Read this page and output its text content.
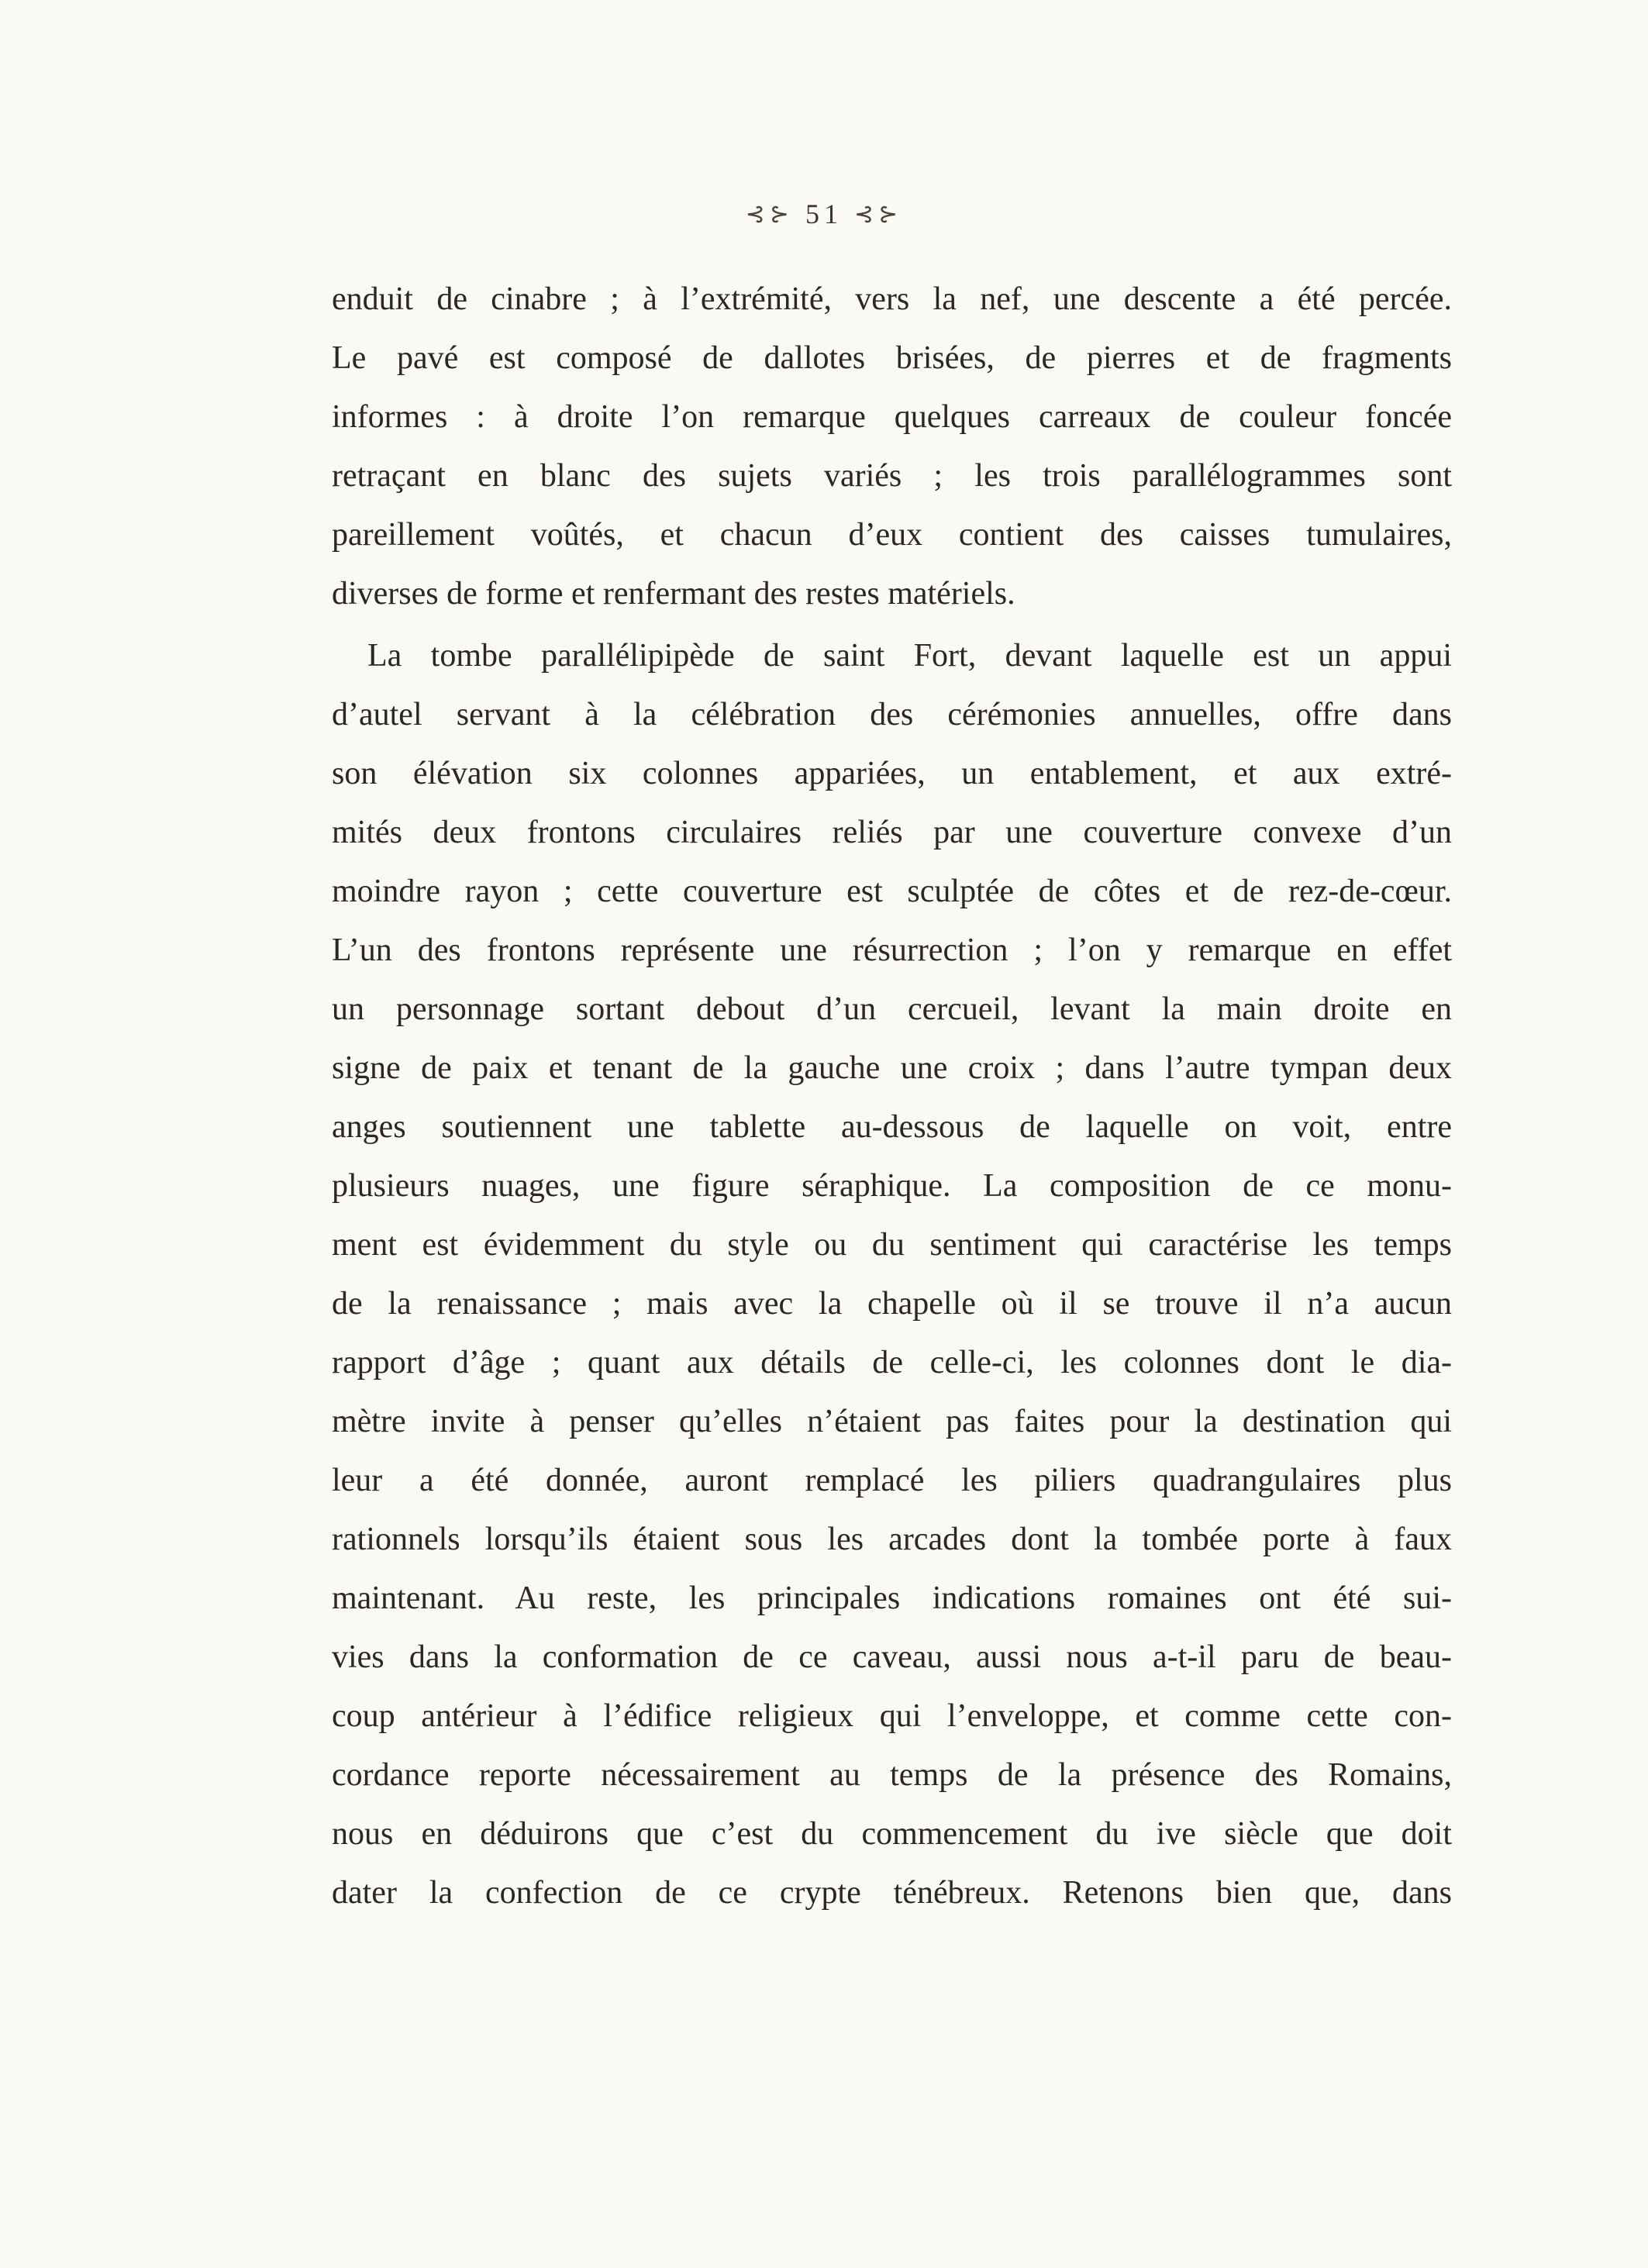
⊰⊱ 51 ⊰⊱
enduit de cinabre ; à l’extrémité, vers la nef, une descente a été percée.
Le pavé est composé de dallotes brisées, de pierres et de fragments
informes : à droite l’on remarque quelques carreaux de couleur foncée
retraçant en blanc des sujets variés ; les trois parallélogrammes sont
pareillement voûtés, et chacun d’eux contient des caisses tumulaires,
diverses de forme et renfermant des restes matériels.
La tombe parallélipipède de saint Fort, devant laquelle est un appui
d’autel servant à la célébration des cérémonies annuelles, offre dans
son élévation six colonnes appariées, un entablement, et aux extré-
mités deux frontons circulaires reliés par une couverture convexe d’un
moindre rayon ; cette couverture est sculptée de côtes et de rez-de-cœur.
L’un des frontons représente une résurrection ; l’on y remarque en effet
un personnage sortant debout d’un cercueil, levant la main droite en
signe de paix et tenant de la gauche une croix ; dans l’autre tympan deux
anges soutiennent une tablette au-dessous de laquelle on voit, entre
plusieurs nuages, une figure séraphique. La composition de ce monu-
ment est évidemment du style ou du sentiment qui caractérise les temps
de la renaissance ; mais avec la chapelle où il se trouve il n’a aucun
rapport d’âge ; quant aux détails de celle-ci, les colonnes dont le dia-
mètre invite à penser qu’elles n’étaient pas faites pour la destination qui
leur a été donnée, auront remplacé les piliers quadrangulaires plus
rationnels lorsqu’ils étaient sous les arcades dont la tombée porte à faux
maintenant. Au reste, les principales indications romaines ont été sui-
vies dans la conformation de ce caveau, aussi nous a-t-il paru de beau-
coup antérieur à l’édifice religieux qui l’enveloppe, et comme cette con-
cordance reporte nécessairement au temps de la présence des Romains,
nous en déduirons que c’est du commencement du ive siècle que doit
dater la confection de ce crypte ténébreux. Retenons bien que, dans
